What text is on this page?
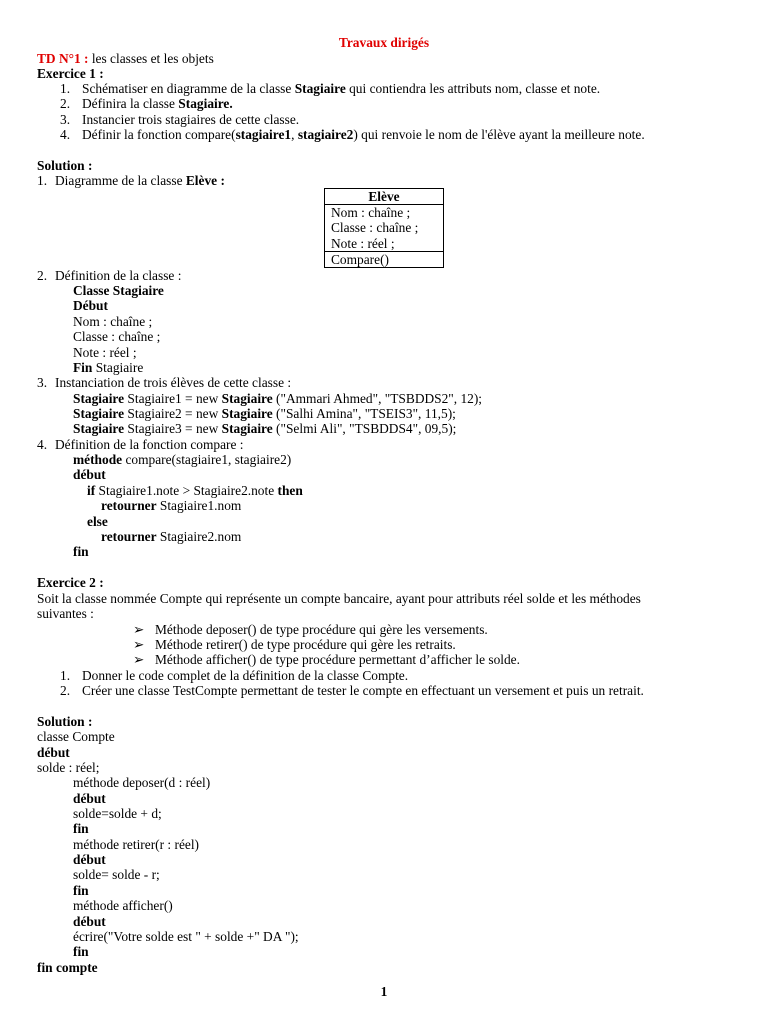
Travaux dirigés
TD N°1 : les classes et les objets
Exercice 1 :
1. Schématiser en diagramme de la classe Stagiaire qui contiendra les attributs nom, classe et note.
2. Définira la classe Stagiaire.
3. Instancier trois stagiaires de cette classe.
4. Définir la fonction compare(stagiaire1, stagiaire2) qui renvoie le nom de l'élève ayant la meilleure note.
Solution :
1. Diagramme de la classe Elève :
Elève
Nom : chaîne ;
Classe : chaîne ;
Note : réel ;
Compare()
2. Définition de la classe :
Classe Stagiaire
Début
Nom : chaîne ;
Classe : chaîne ;
Note : réel ;
Fin Stagiaire
3. Instanciation de trois élèves de cette classe :
Stagiaire Stagiaire1 = new Stagiaire ("Ammari Ahmed", "TSBDDS2", 12);
Stagiaire Stagiaire2 = new Stagiaire ("Salhi Amina", "TSEIS3", 11,5);
Stagiaire Stagiaire3 = new Stagiaire ("Selmi Ali", "TSBDDS4", 09,5);
4. Définition de la fonction compare :
méthode compare(stagiaire1, stagiaire2)
début
if Stagiaire1.note > Stagiaire2.note then
retourner Stagiaire1.nom
else
retourner Stagiaire2.nom
fin
Exercice 2 :
Soit la classe nommée Compte qui représente un compte bancaire, ayant pour attributs réel solde et les méthodes
suivantes :
➢ Méthode deposer() de type procédure qui gère les versements.
➢ Méthode retirer() de type procédure qui gère les retraits.
➢ Méthode afficher() de type procédure permettant d’afficher le solde.
1. Donner le code complet de la définition de la classe Compte.
2. Créer une classe TestCompte permettant de tester le compte en effectuant un versement et puis un retrait.
Solution :
classe Compte
début
solde : réel;
méthode deposer(d : réel)
début
solde=solde + d;
fin
méthode retirer(r : réel)
début
solde= solde - r;
fin
méthode afficher()
début
écrire("Votre solde est " + solde +" DA ");
fin
fin compte
1
